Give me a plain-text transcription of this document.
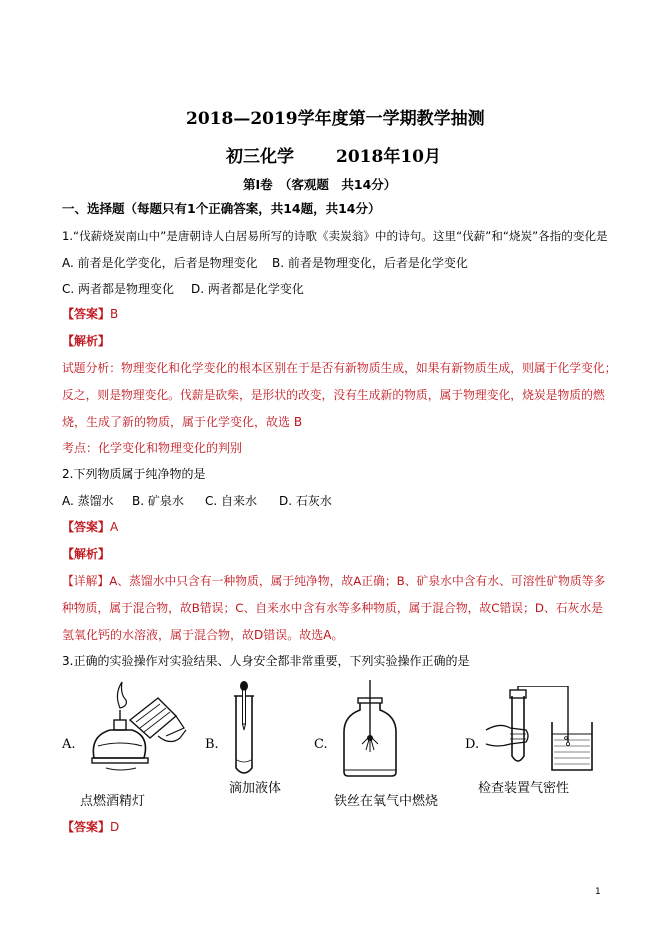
2018—2019学年度第一学期教学抽测
初三化学 2018年10月
第Ⅰ卷　（客观题　共14分）
一、选择题（每题只有1个正确答案，共14题，共14分）
1.“伐薪烧炭南山中”是唐朝诗人白居易所写的诗歌《卖炭翁》中的诗句。这里“伐薪”和“烧炭”各指的变化是
A. 前者是化学变化，后者是物理变化 B. 前者是物理变化，后者是化学变化
C. 两者都是物理变化 D. 两者都是化学变化
【答案】B
【解析】
试题分析：物理变化和化学变化的根本区别在于是否有新物质生成，如果有新物质生成，则属于化学变化；
反之，则是物理变化。伐薪是砍柴，是形状的改变，没有生成新的物质，属于物理变化，烧炭是物质的燃
烧，生成了新的物质，属于化学变化，故选 B
考点：化学变化和物理变化的判别
2.下列物质属于纯净物的是
A. 蒸馏水 B. 矿泉水 C. 自来水 D. 石灰水
【答案】A
【解析】
【详解】A、蒸馏水中只含有一种物质，属于纯净物，故A正确；B、矿泉水中含有水、可溶性矿物质等多
种物质，属于混合物，故B错误；C、自来水中含有水等多种物质，属于混合物，故C错误；D、石灰水是
氢氧化钙的水溶液，属于混合物，故D错误。故选A。
3.正确的实验操作对实验结果、人身安全都非常重要，下列实验操作正确的是
A.
点燃酒精灯
B.
滴加液体
C.
铁丝在氧气中燃烧
D.
检查装置气密性
【答案】D
1
